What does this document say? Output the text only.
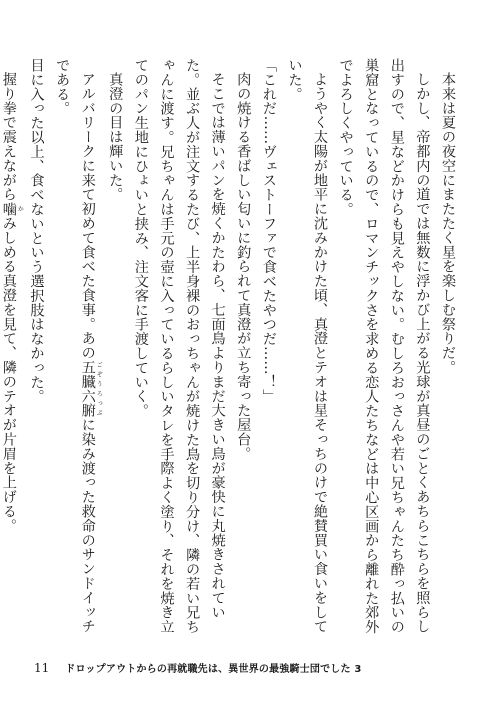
本来は夏の夜空にまたたく星を楽しむ祭りだ。

しかし、帝都内の道では無数に浮かび上がる光球が真昼のごとくあちらこちらを照らし出すので、星などかけらも見えやしない。むしろおっさんや若い兄ちゃんたち酔っ払いの巣窟となっているので、ロマンチックさを求める恋人たちなどは中心区画から離れた郊外でよろしくやっている。

ようやく太陽が地平に沈みかけた頃、真澄とテオは星そっちのけで絶賛買い食いをしていた。

「これだ……ヴェストーファで食べたやつだ……！」

肉の焼ける香ばしい匂いに釣られて真澄が立ち寄った屋台。

そこでは薄いパンを焼くかたわら、七面鳥よりまだ大きい鳥が豪快に丸焼きされていた。並ぶ人が注文するたび、上半身裸のおっちゃんが焼けた鳥を切り分け、隣の若い兄ちゃんに渡す。兄ちゃんは手元の壺に入っているらしいタレを手際よく塗り、それを焼き立てのパン生地にひょいと挟み、注文客に手渡していく。

真澄の目は輝いた。

アルバリークに来て初めて食べた食事。あの五臓六腑 ごぞうろっぷに染み渡った救命のサンドイッチである。

目に入った以上、食べないという選択肢はなかった。

握り拳で震えながら噛 かみしめる真澄を見て、隣のテオが片眉を上げる。

11 ドロップアウトからの再就職先は、異世界の最強騎士団でした 3
